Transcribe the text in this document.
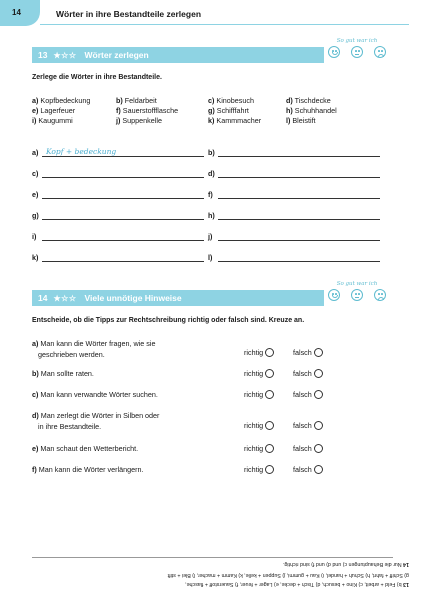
14	Wörter in ihre Bestandteile zerlegen
13 ★☆☆ Wörter zerlegen
So gut war ich
Zerlege die Wörter in ihre Bestandteile.
a) Kopfbedeckung	b) Feldarbeit	c) Kinobesuch	d) Tischdecke
e) Lagerfeuer	f) Sauerstoffflasche	g) Schifffahrt	h) Schuhhandel
i) Kaugummi	j) Suppenkelle	k) Kammmacher	l) Bleistift
a) Kopf + bedeckung	b)
c)	d)
e)	f)
g)	h)
i)	j)
k)	l)
14 ★☆☆ Viele unnötige Hinweise
So gut war ich
Entscheide, ob die Tipps zur Rechtschreibung richtig oder falsch sind. Kreuze an.
a) Man kann die Wörter fragen, wie sie
geschrieben werden.	richtig	falsch
b) Man sollte raten.	richtig	falsch
c) Man kann verwandte Wörter suchen.	richtig	falsch
d) Man zerlegt die Wörter in Silben oder
in ihre Bestandteile.	richtig	falsch
e) Man schaut den Wetterbericht.	richtig	falsch
f) Man kann die Wörter verlängern.	richtig	falsch
14 Nur die Behauptungen c) und d) und f) sind richtig.
g) Schiff + fahrt, h) Schuh + handel, i) Kau + gummi, j) Suppen + kelle, k) Kamm + macher, l) Blei + stift
13 b) Feld + arbeit, c) Kino + besuch, d) Tisch + decke, e) Lager + feuer, f) Sauerstoff + flasche,
